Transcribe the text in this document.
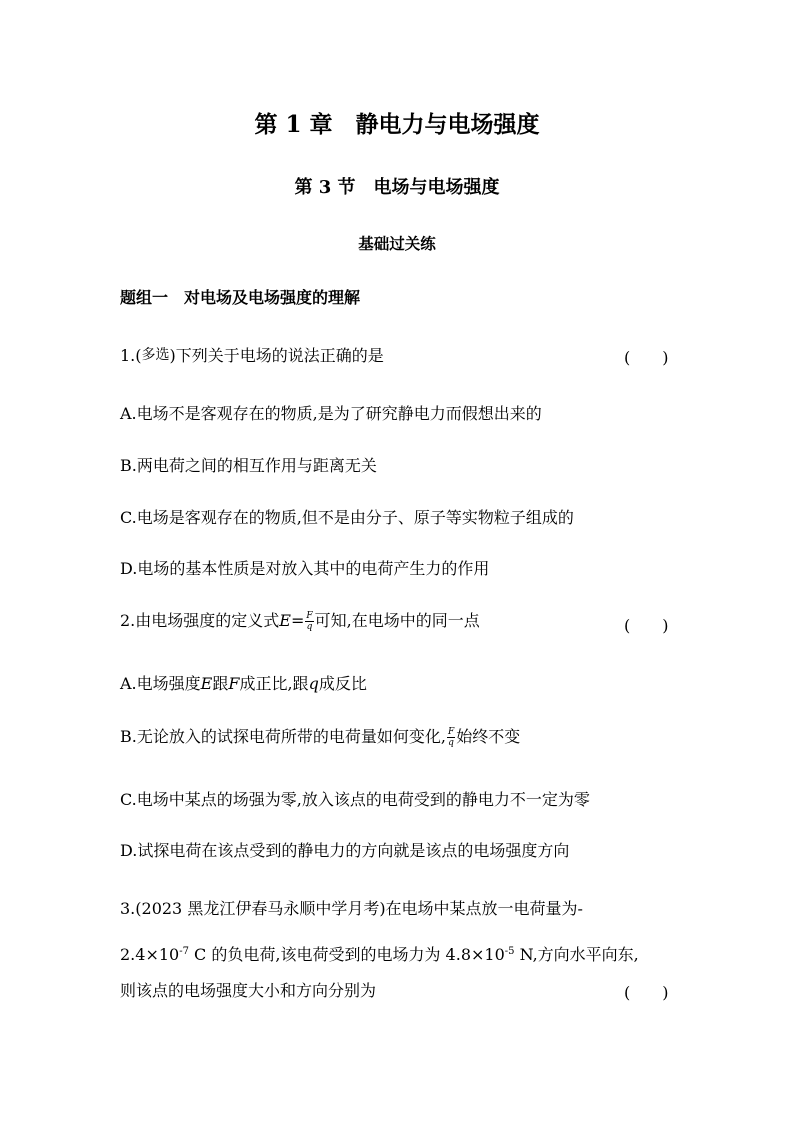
第 1 章　静电力与电场强度
第 3 节　电场与电场强度
基础过关练
题组一　对电场及电场强度的理解
1.(多选)下列关于电场的说法正确的是	(　　)
A.电场不是客观存在的物质,是为了研究静电力而假想出来的
B.两电荷之间的相互作用与距离无关
C.电场是客观存在的物质,但不是由分子、原子等实物粒子组成的
D.电场的基本性质是对放入其中的电荷产生力的作用
2.由电场强度的定义式$E= \frac{F}{q}$ 可知,在电场中的同一点	(　　)
A.电场强度E跟F成正比,跟q成反比
B.无论放入的试探电荷所带的电荷量如何变化, $\frac{F}{q}$ 始终不变
C.电场中某点的场强为零,放入该点的电荷受到的静电力不一定为零
D.试探电荷在该点受到的静电力的方向就是该点的电场强度方向
3.(2023 黑龙江伊春马永顺中学月考)在电场中某点放一电荷量为-
$2.4\times 10^{-7}$ C 的负电荷,该电荷受到的电场力为 $4.8\times 10^{-5}$ N,方向水平向东,
则该点的电场强度大小和方向分别为	(　　)
